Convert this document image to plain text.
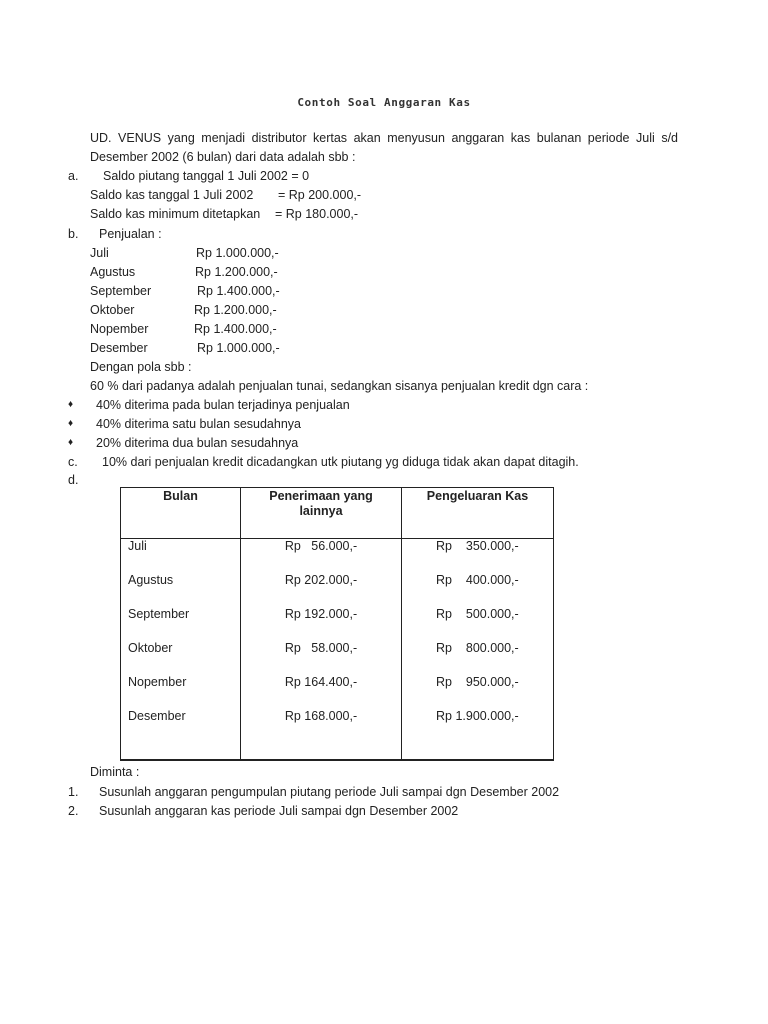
Contoh Soal Anggaran Kas
UD. VENUS yang menjadi distributor kertas akan menyusun anggaran kas bulanan periode Juli s/d
Desember 2002 (6 bulan) dari data adalah sbb :
a. Saldo piutang tanggal 1 Juli 2002 = 0
Saldo kas tanggal 1 Juli 2002 = Rp 200.000,-
Saldo kas minimum ditetapkan = Rp 180.000,-
b. Penjualan :
Juli	Rp 1.000.000,-
Agustus	Rp 1.200.000,-
September	Rp 1.400.000,-
Oktober	Rp 1.200.000,-
Nopember	Rp 1.400.000,-
Desember	Rp 1.000.000,-
Dengan pola sbb :
60 % dari padanya adalah penjualan tunai, sedangkan sisanya penjualan kredit dgn cara :
♦ 40% diterima pada bulan terjadinya penjualan
♦ 40% diterima satu bulan sesudahnya
♦ 20% diterima dua bulan sesudahnya
c. 10% dari penjualan kredit dicadangkan utk piutang yg diduga tidak akan dapat ditagih.
d.
Bulan	Penerimaan yang lainnya	Pengeluaran Kas
Juli	Rp   56.000,-	Rp    350.000,-
Agustus	Rp 202.000,-	Rp    400.000,-
September	Rp 192.000,-	Rp    500.000,-
Oktober	Rp   58.000,-	Rp    800.000,-
Nopember	Rp 164.400,-	Rp    950.000,-
Desember	Rp 168.000,-	Rp 1.900.000,-
Diminta :
1. Susunlah anggaran pengumpulan piutang periode Juli sampai dgn Desember 2002
2. Susunlah anggaran kas periode Juli sampai dgn Desember 2002
